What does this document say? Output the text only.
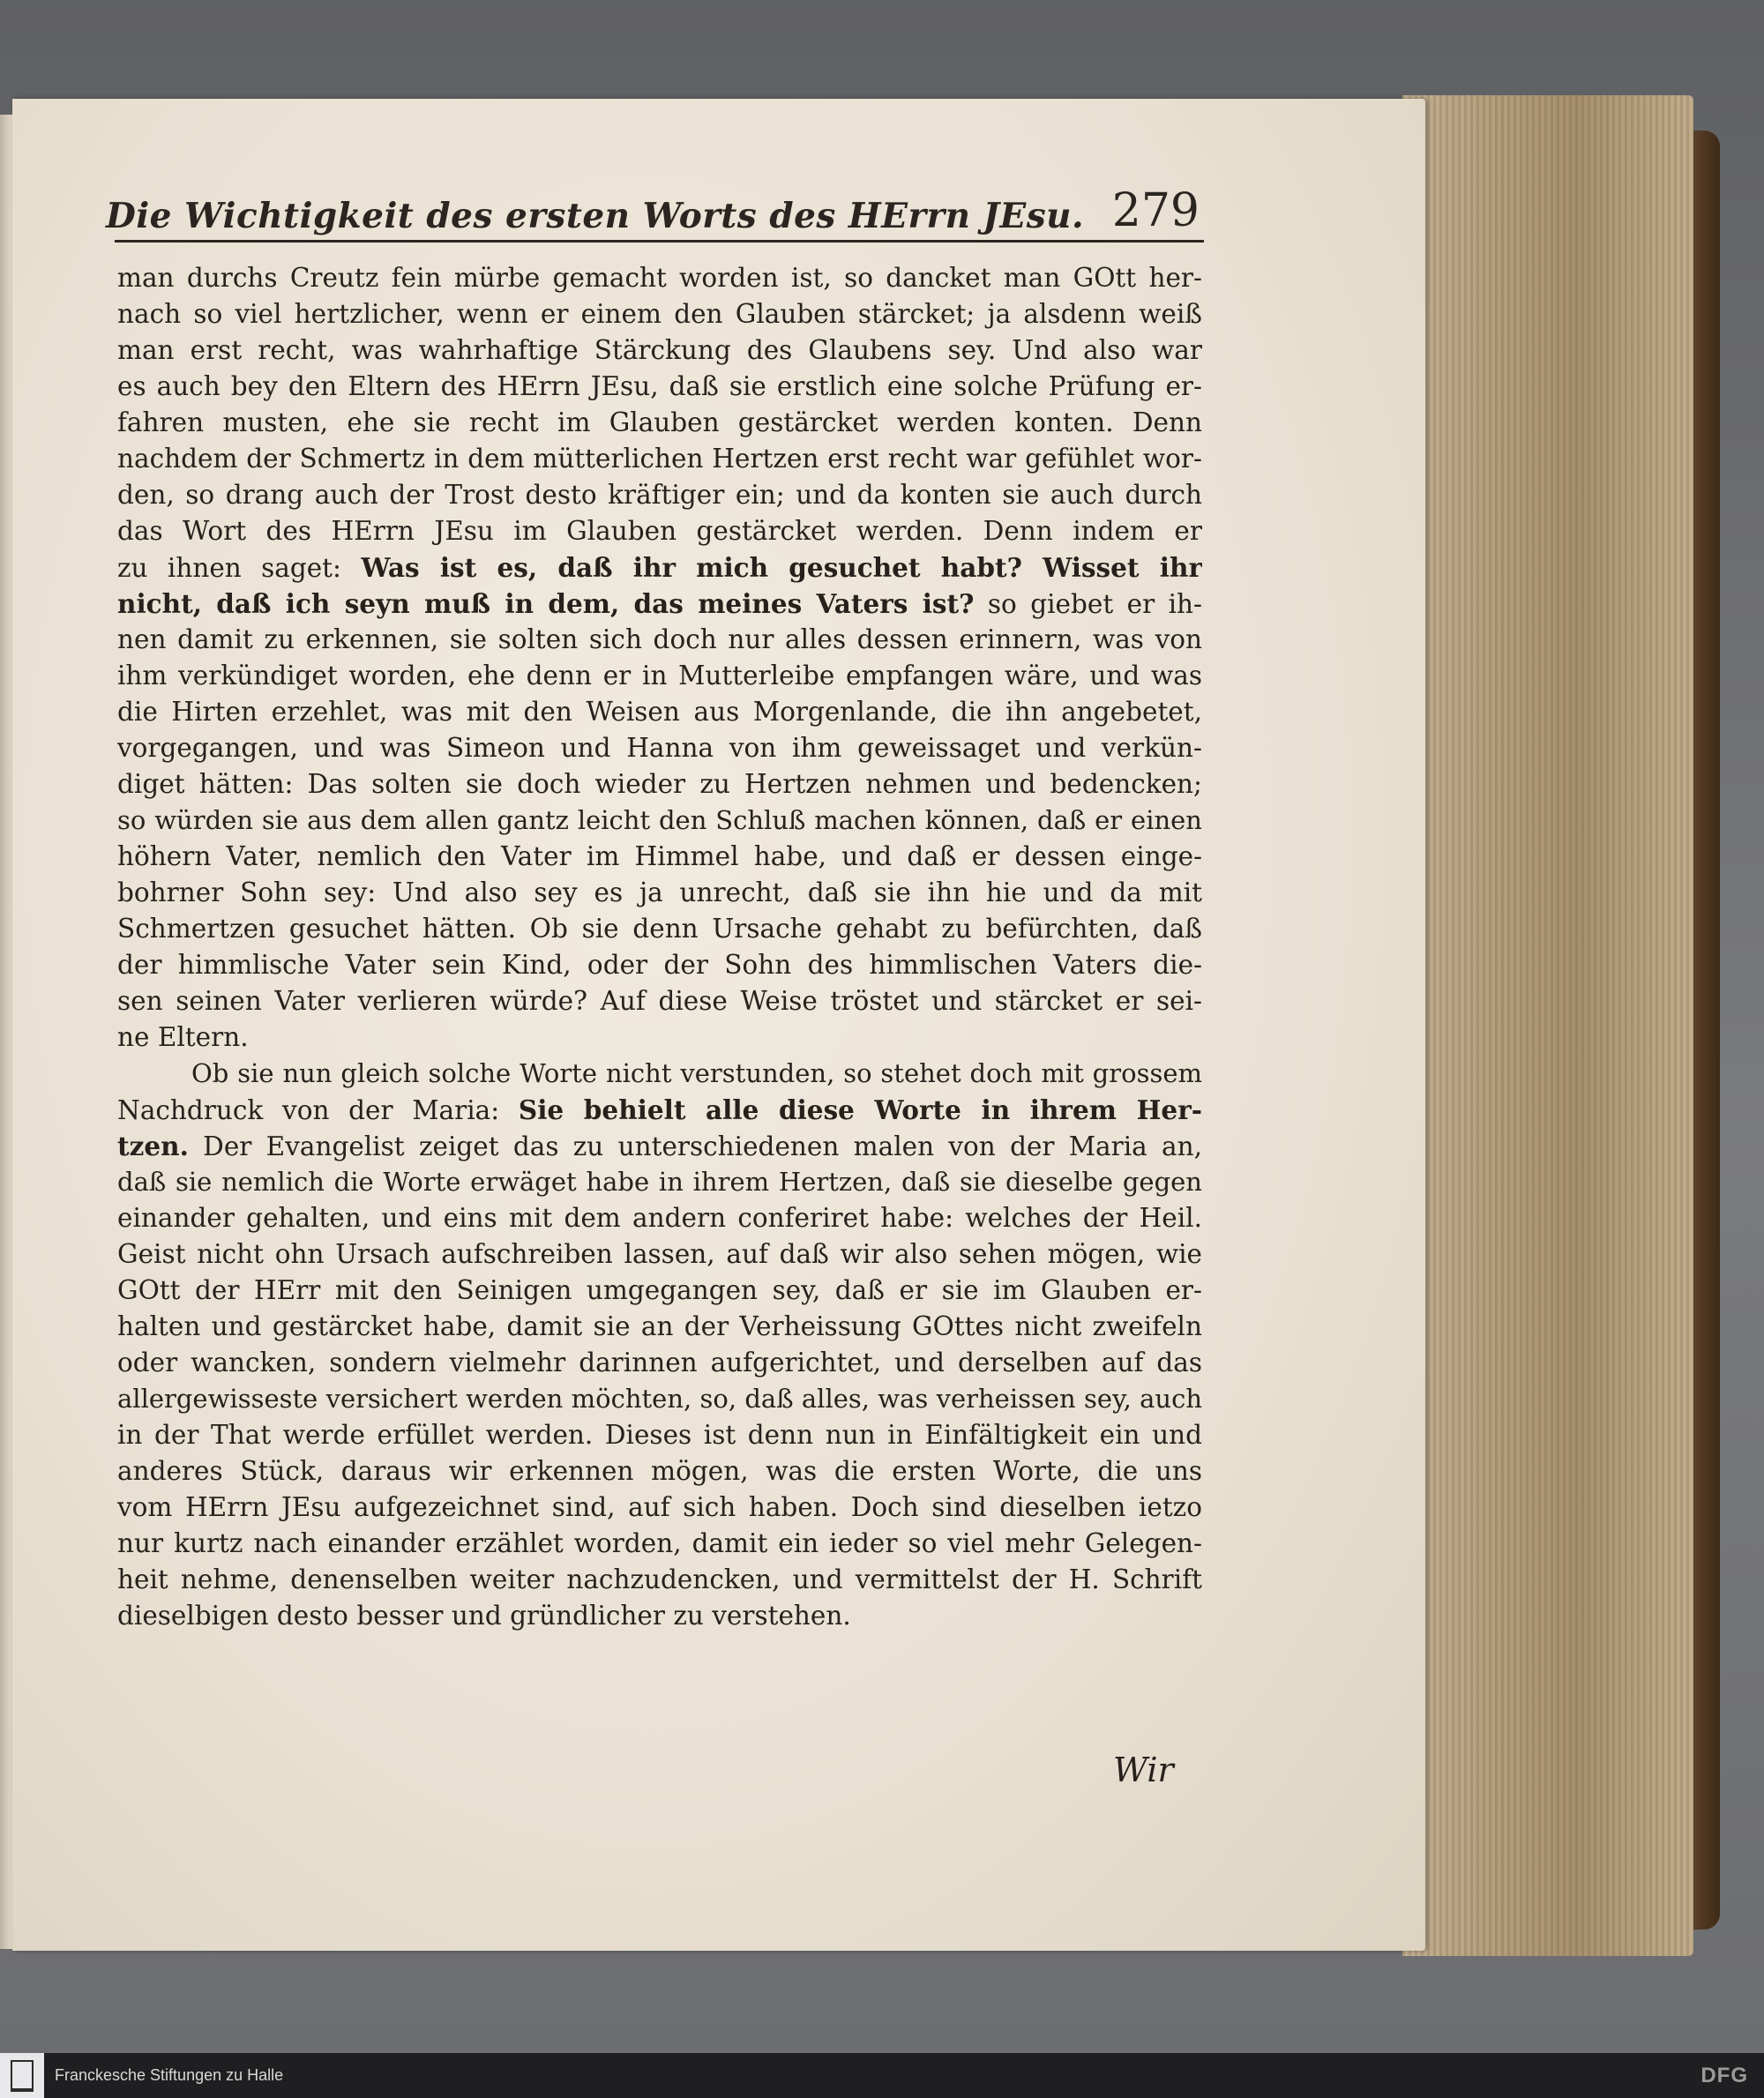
Die Wichtigkeit des ersten Worts des HErrn JEsu. 279
man durchs Creutz fein mürbe gemacht worden ist, so dancket man GOtt her-
nach so viel hertzlicher, wenn er einem den Glauben stärcket; ja alsdenn weiß
man erst recht, was wahrhaftige Stärckung des Glaubens sey. Und also war
es auch bey den Eltern des HErrn JEsu, daß sie erstlich eine solche Prüfung er-
fahren musten, ehe sie recht im Glauben gestärcket werden konten. Denn
nachdem der Schmertz in dem mütterlichen Hertzen erst recht war gefühlet wor-
den, so drang auch der Trost desto kräftiger ein; und da konten sie auch durch
das Wort des HErrn JEsu im Glauben gestärcket werden. Denn indem er
zu ihnen saget: Was ist es, daß ihr mich gesuchet habt? Wisset ihr
nicht, daß ich seyn muß in dem, das meines Vaters ist? so giebet er ih-
nen damit zu erkennen, sie solten sich doch nur alles dessen erinnern, was von
ihm verkündiget worden, ehe denn er in Mutterleibe empfangen wäre, und was
die Hirten erzehlet, was mit den Weisen aus Morgenlande, die ihn angebetet,
vorgegangen, und was Simeon und Hanna von ihm geweissaget und verkün-
diget hätten: Das solten sie doch wieder zu Hertzen nehmen und bedencken;
so würden sie aus dem allen gantz leicht den Schluß machen können, daß er einen
höhern Vater, nemlich den Vater im Himmel habe, und daß er dessen einge-
bohrner Sohn sey: Und also sey es ja unrecht, daß sie ihn hie und da mit
Schmertzen gesuchet hätten. Ob sie denn Ursache gehabt zu befürchten, daß
der himmlische Vater sein Kind, oder der Sohn des himmlischen Vaters die-
sen seinen Vater verlieren würde? Auf diese Weise tröstet und stärcket er sei-
ne Eltern.
Ob sie nun gleich solche Worte nicht verstunden, so stehet doch mit grossem
Nachdruck von der Maria: Sie behielt alle diese Worte in ihrem Her-
tzen. Der Evangelist zeiget das zu unterschiedenen malen von der Maria an,
daß sie nemlich die Worte erwäget habe in ihrem Hertzen, daß sie dieselbe gegen
einander gehalten, und eins mit dem andern conferiret habe: welches der Heil.
Geist nicht ohn Ursach aufschreiben lassen, auf daß wir also sehen mögen, wie
GOtt der HErr mit den Seinigen umgegangen sey, daß er sie im Glauben er-
halten und gestärcket habe, damit sie an der Verheissung GOttes nicht zweifeln
oder wancken, sondern vielmehr darinnen aufgerichtet, und derselben auf das
allergewisseste versichert werden möchten, so, daß alles, was verheissen sey, auch
in der That werde erfüllet werden. Dieses ist denn nun in Einfältigkeit ein und
anderes Stück, daraus wir erkennen mögen, was die ersten Worte, die uns
vom HErrn JEsu aufgezeichnet sind, auf sich haben. Doch sind dieselben ietzo
nur kurtz nach einander erzählet worden, damit ein ieder so viel mehr Gelegen-
heit nehme, denenselben weiter nachzudencken, und vermittelst der H. Schrift
dieselbigen desto besser und gründlicher zu verstehen.
Wir
Franckesche Stiftungen zu Halle	DFG
